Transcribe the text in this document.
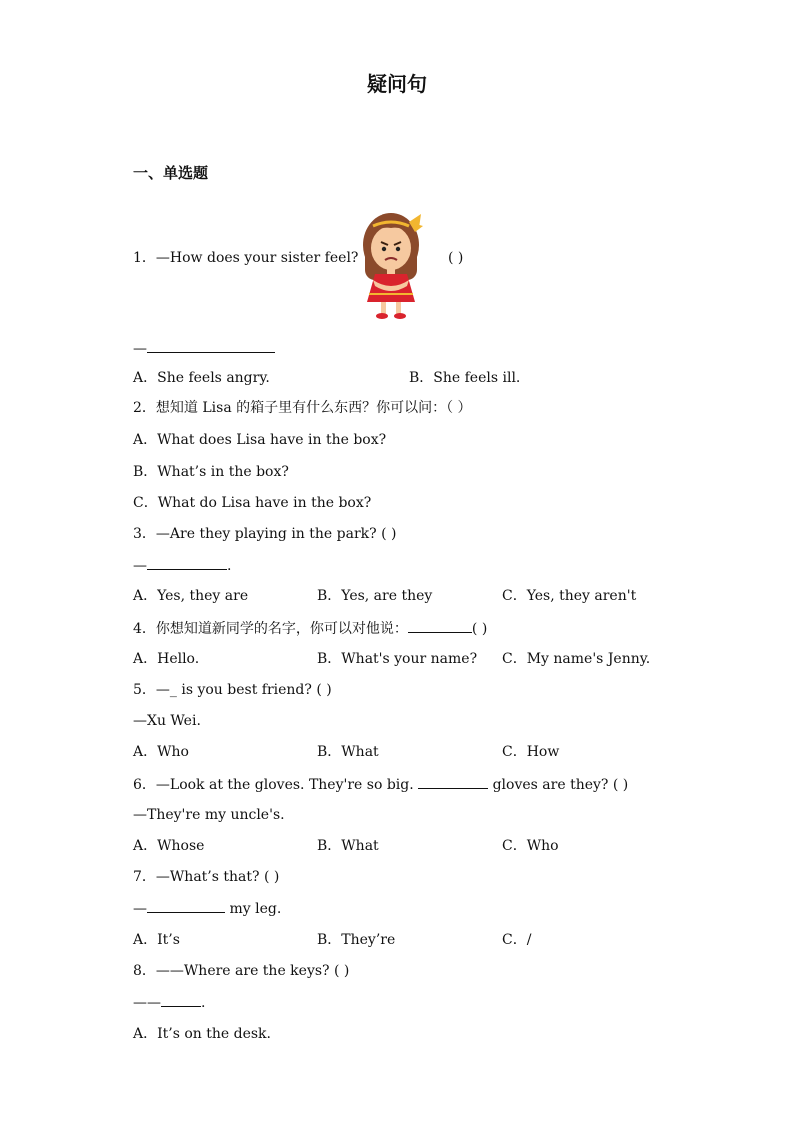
疑问句
一、单选题
1．—How does your sister feel?	( )
—
A．She feels angry.	B．She feels ill.
2．想知道 Lisa 的箱子里有什么东西？你可以问：（ ）
A．What does Lisa have in the box?
B．What’s in the box?
C．What do Lisa have in the box?
3．—Are they playing in the park? ( )
—	.
A．Yes, they are	B．Yes, are they	C．Yes, they aren't
4．你想知道新同学的名字，你可以对他说：	( )
A．Hello.	B．What's your name? C．My name's Jenny.
5．—_ is you best friend? ( )
—Xu Wei.
A．Who	B．What	C．How
6．—Look at the gloves. They're so big.	gloves are they? ( )
—They're my uncle's.
A．Whose	B．What	C．Who
7．—What’s that? ( )
—	my leg.
A．It’s	B．They’re	C．/
8．——Where are the keys? ( )
——	.
A．It’s on the desk.
